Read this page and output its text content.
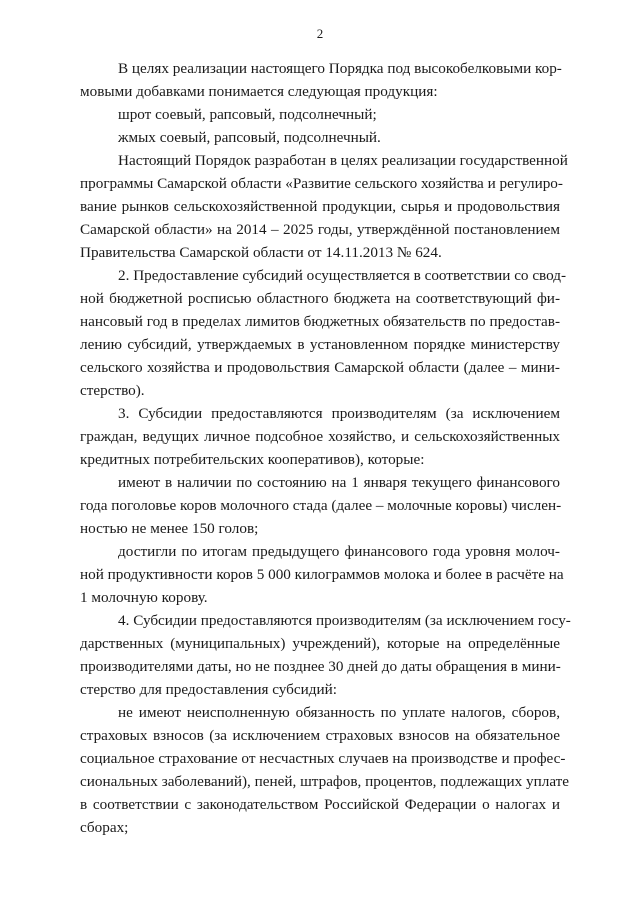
2
В целях реализации настоящего Порядка под высокобелковыми кор-
мовыми добавками понимается следующая продукция:
шрот соевый, рапсовый, подсолнечный;
жмых соевый, рапсовый, подсолнечный.
Настоящий Порядок разработан в целях реализации государственной
программы Самарской области «Развитие сельского хозяйства и регулиро-
вание рынков сельскохозяйственной продукции, сырья и продовольствия
Самарской области» на 2014 – 2025 годы, утверждённой постановлением
Правительства Самарской области от 14.11.2013 № 624.
2. Предоставление субсидий осуществляется в соответствии со свод-
ной бюджетной росписью областного бюджета на соответствующий фи-
нансовый год в пределах лимитов бюджетных обязательств по предостав-
лению субсидий, утверждаемых в установленном порядке министерству
сельского хозяйства и продовольствия Самарской области (далее – мини-
стерство).
3. Субсидии предоставляются производителям (за исключением
граждан, ведущих личное подсобное хозяйство, и сельскохозяйственных
кредитных потребительских кооперативов), которые:
имеют в наличии по состоянию на 1 января текущего финансового
года поголовье коров молочного стада (далее – молочные коровы) числен-
ностью не менее 150 голов;
достигли по итогам предыдущего финансового года уровня молоч-
ной продуктивности коров 5 000 килограммов молока и более в расчёте на
1 молочную корову.
4. Субсидии предоставляются производителям (за исключением госу-
дарственных (муниципальных) учреждений), которые на определённые
производителями даты, но не позднее 30 дней до даты обращения в мини-
стерство для предоставления субсидий:
не имеют неисполненную обязанность по уплате налогов, сборов,
страховых взносов (за исключением страховых взносов на обязательное
социальное страхование от несчастных случаев на производстве и профес-
сиональных заболеваний), пеней, штрафов, процентов, подлежащих уплате
в соответствии с законодательством Российской Федерации о налогах и
сборах;
